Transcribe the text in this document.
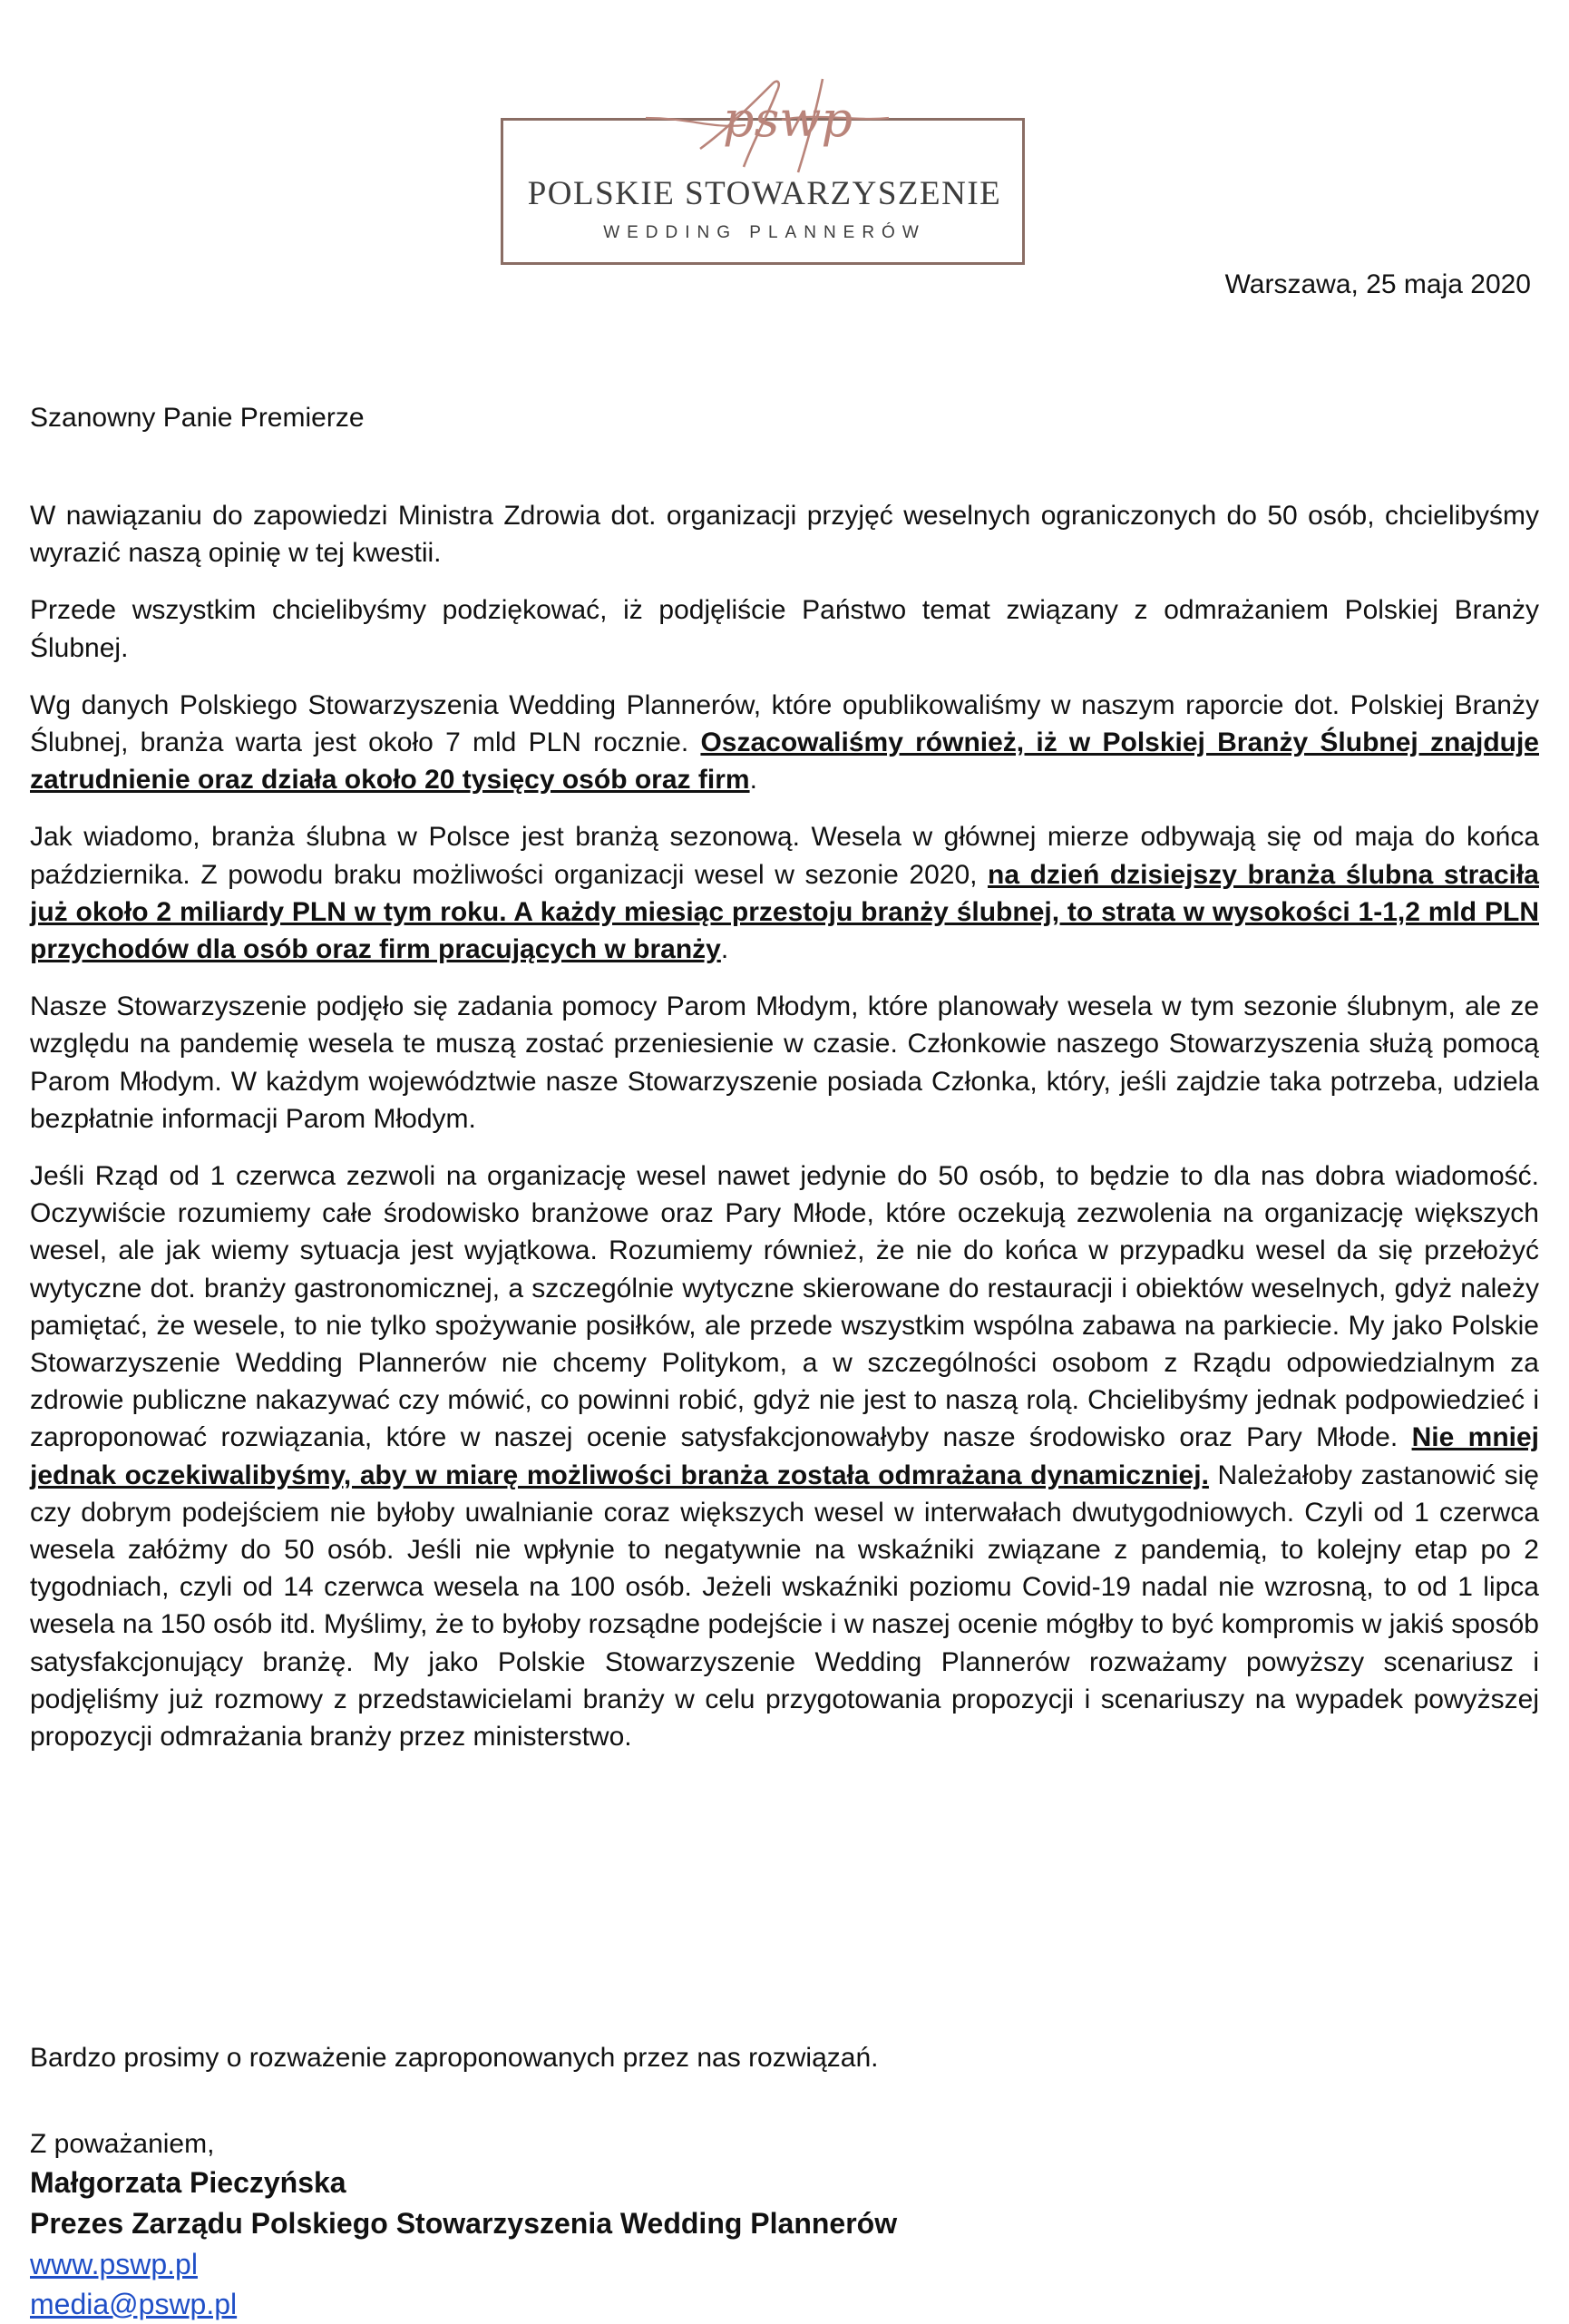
pswp
POLSKIE STOWARZYSZENIE
WEDDING PLANNERÓW
Warszawa, 25 maja 2020
Szanowny Panie Premierze

W nawiązaniu do zapowiedzi Ministra Zdrowia dot. organizacji przyjęć weselnych ograniczonych do 50 osób, chcielibyśmy wyrazić naszą opinię w tej kwestii.

Przede wszystkim chcielibyśmy podziękować, iż podjęliście Państwo temat związany z odmrażaniem Polskiej Branży Ślubnej.

Wg danych Polskiego Stowarzyszenia Wedding Plannerów, które opublikowaliśmy w naszym raporcie dot. Polskiej Branży Ślubnej, branża warta jest około 7 mld PLN rocznie. Oszacowaliśmy również, iż w Polskiej Branży Ślubnej znajduje zatrudnienie oraz działa około 20 tysięcy osób oraz firm.

Jak wiadomo, branża ślubna w Polsce jest branżą sezonową. Wesela w głównej mierze odbywają się od maja do końca października. Z powodu braku możliwości organizacji wesel w sezonie 2020, na dzień dzisiejszy branża ślubna straciła już około 2 miliardy PLN w tym roku. A każdy miesiąc przestoju branży ślubnej, to strata w wysokości 1-1,2 mld PLN przychodów dla osób oraz firm pracujących w branży.

Nasze Stowarzyszenie podjęło się zadania pomocy Parom Młodym, które planowały wesela w tym sezonie ślubnym, ale ze względu na pandemię wesela te muszą zostać przeniesienie w czasie. Członkowie naszego Stowarzyszenia służą pomocą Parom Młodym. W każdym województwie nasze Stowarzyszenie posiada Członka, który, jeśli zajdzie taka potrzeba, udziela bezpłatnie informacji Parom Młodym.

Jeśli Rząd od 1 czerwca zezwoli na organizację wesel nawet jedynie do 50 osób, to będzie to dla nas dobra wiadomość. Oczywiście rozumiemy całe środowisko branżowe oraz Pary Młode, które oczekują zezwolenia na organizację większych wesel, ale jak wiemy sytuacja jest wyjątkowa. Rozumiemy również, że nie do końca w przypadku wesel da się przełożyć wytyczne dot. branży gastronomicznej, a szczególnie wytyczne skierowane do restauracji i obiektów weselnych, gdyż należy pamiętać, że wesele, to nie tylko spożywanie posiłków, ale przede wszystkim wspólna zabawa na parkiecie. My jako Polskie Stowarzyszenie Wedding Plannerów nie chcemy Politykom, a w szczególności osobom z Rządu odpowiedzialnym za zdrowie publiczne nakazywać czy mówić, co powinni robić, gdyż nie jest to naszą rolą. Chcielibyśmy jednak podpowiedzieć i zaproponować rozwiązania, które w naszej ocenie satysfakcjonowałyby nasze środowisko oraz Pary Młode. Nie mniej jednak oczekiwalibyśmy, aby w miarę możliwości branża została odmrażana dynamiczniej. Należałoby zastanowić się czy dobrym podejściem nie byłoby uwalnianie coraz większych wesel w interwałach dwutygodniowych. Czyli od 1 czerwca wesela załóżmy do 50 osób. Jeśli nie wpłynie to negatywnie na wskaźniki związane z pandemią, to kolejny etap po 2 tygodniach, czyli od 14 czerwca wesela na 100 osób. Jeżeli wskaźniki poziomu Covid-19 nadal nie wzrosną, to od 1 lipca wesela na 150 osób itd. Myślimy, że to byłoby rozsądne podejście i w naszej ocenie mógłby to być kompromis w jakiś sposób satysfakcjonujący branżę. My jako Polskie Stowarzyszenie Wedding Plannerów rozważamy powyższy scenariusz i podjęliśmy już rozmowy z przedstawicielami branży w celu przygotowania propozycji i scenariuszy na wypadek powyższej propozycji odmrażania branży przez ministerstwo.

Bardzo prosimy o rozważenie zaproponowanych przez nas rozwiązań.
Z poważaniem,
Małgorzata Pieczyńska
Prezes Zarządu Polskiego Stowarzyszenia Wedding Plannerów
www.pswp.pl
media@pswp.pl
